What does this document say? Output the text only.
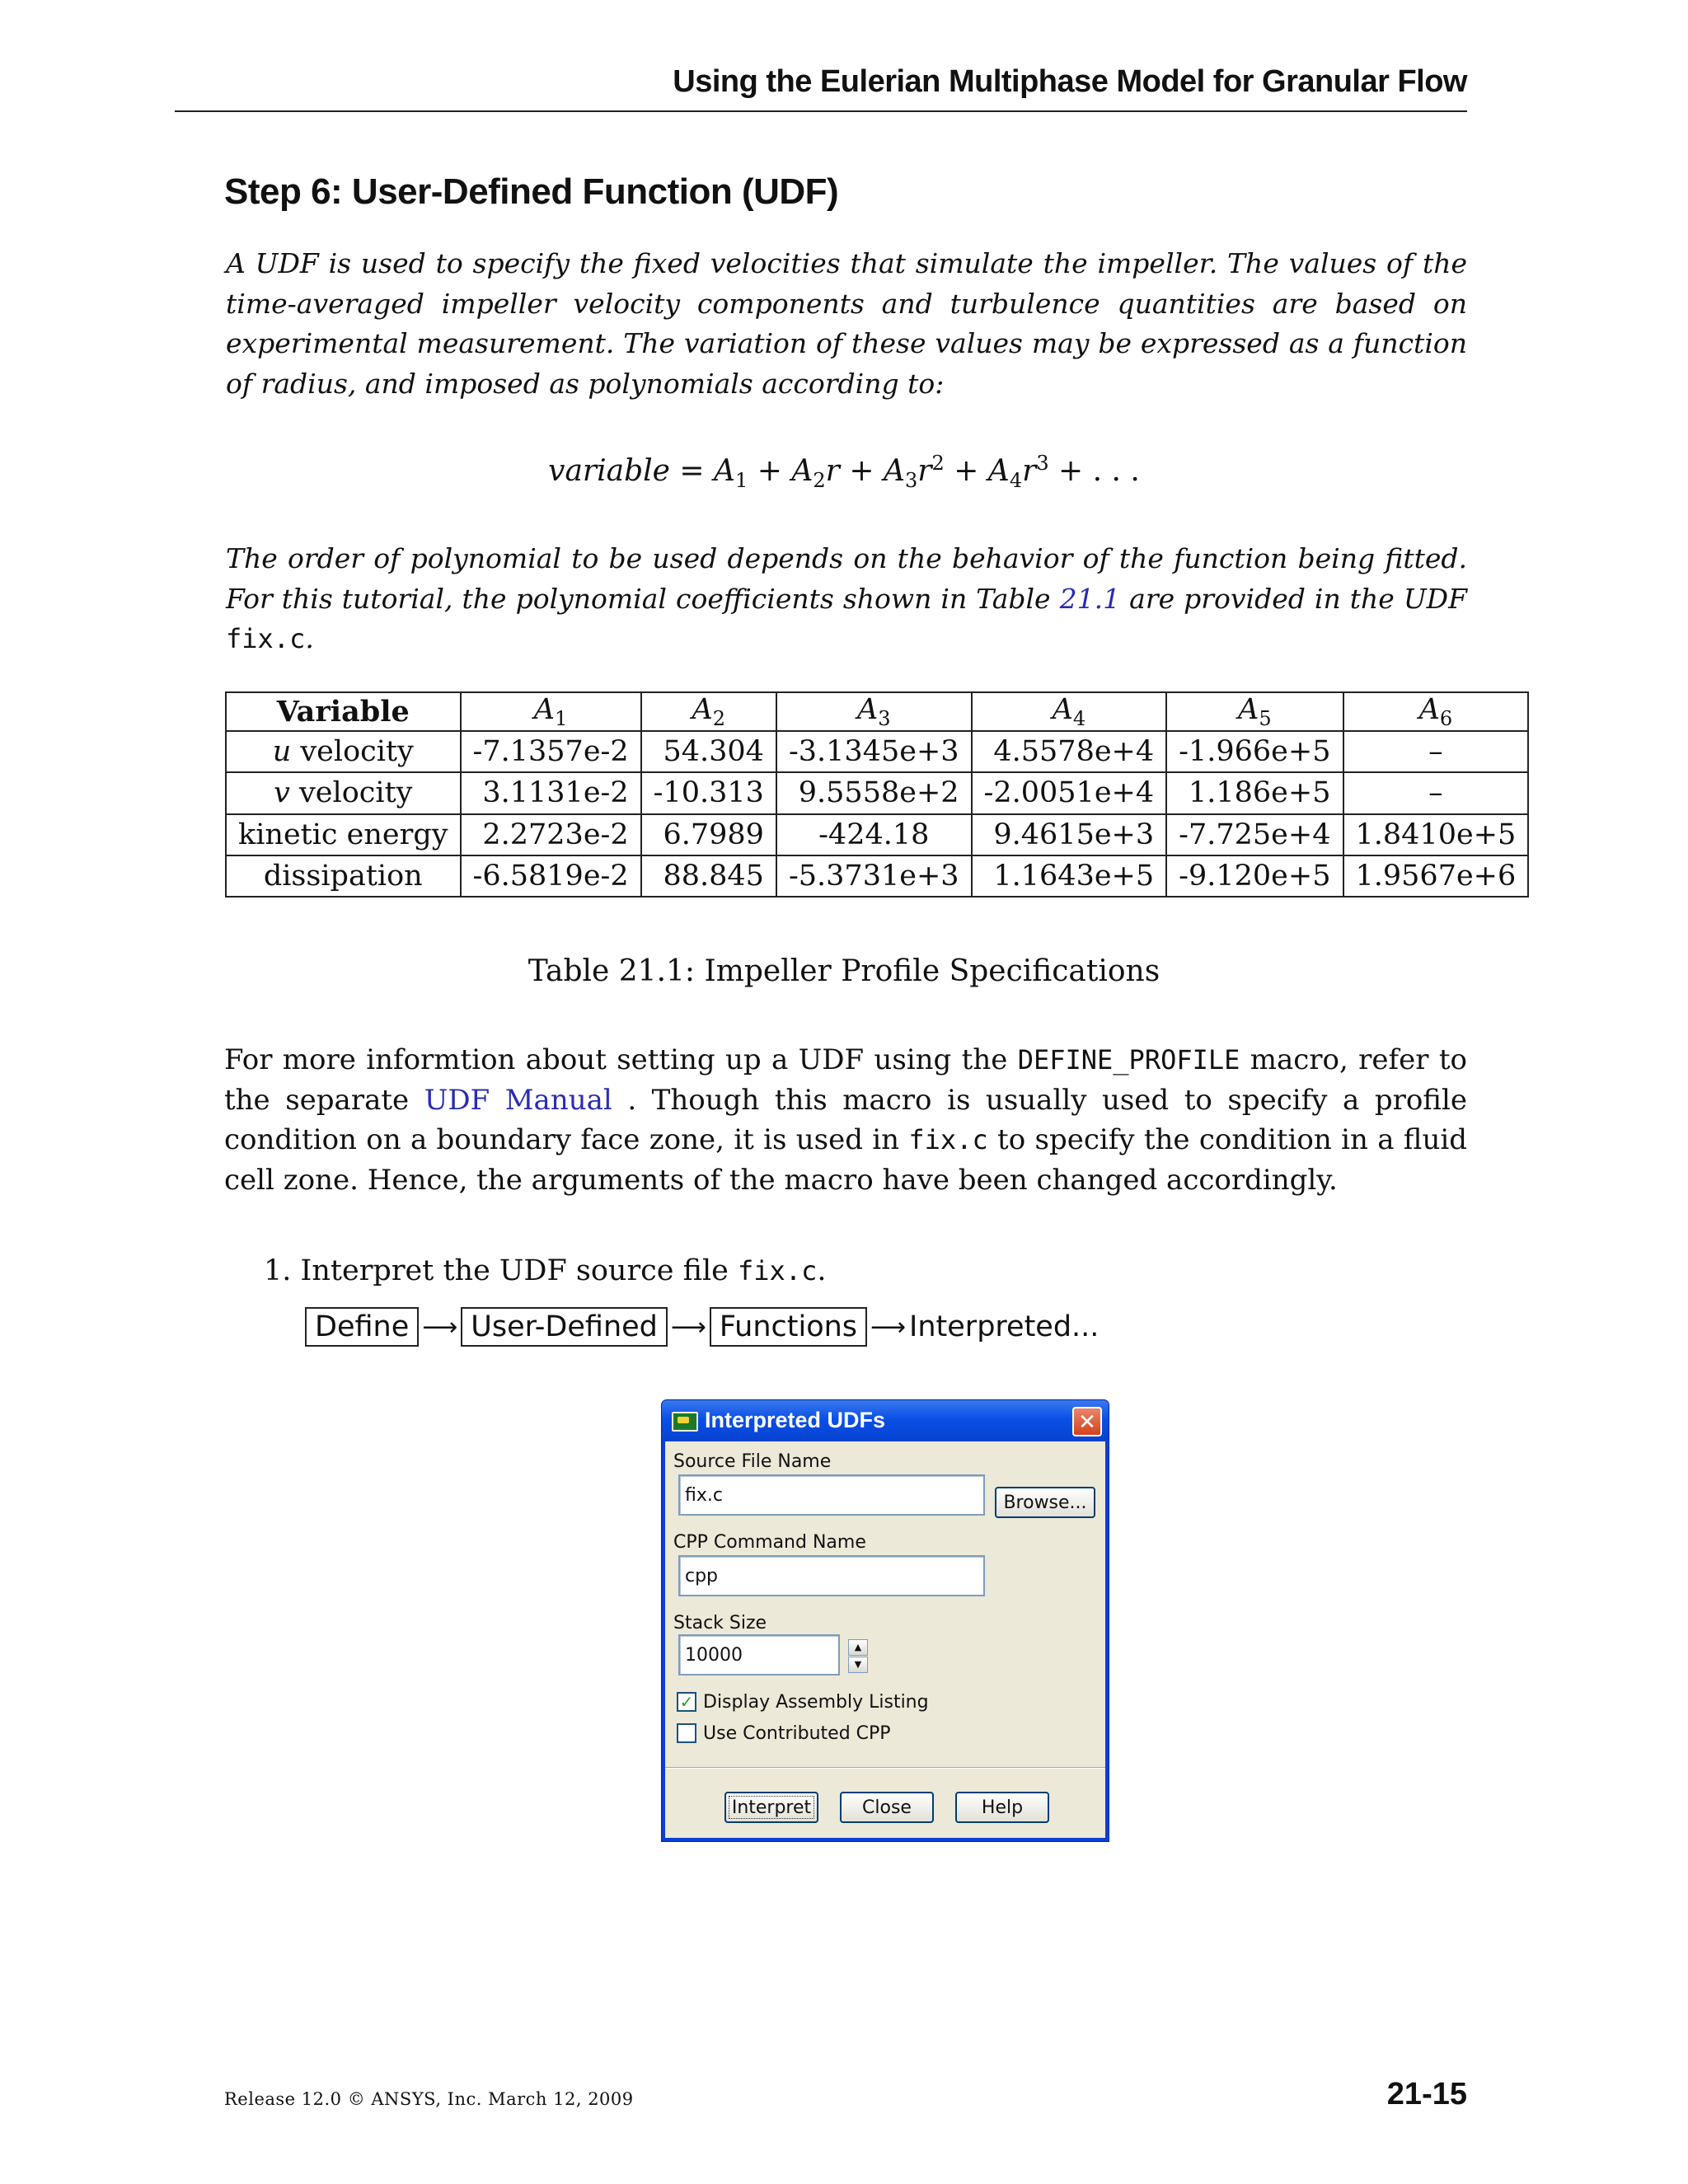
Using the Eulerian Multiphase Model for Granular Flow
Step 6: User-Defined Function (UDF)
A UDF is used to specify the fixed velocities that simulate the impeller. The values of the time-averaged impeller velocity components and turbulence quantities are based on experimental measurement. The variation of these values may be expressed as a function of radius, and imposed as polynomials according to:
variable = $A_1 + A_2r + A_3r^2 + A_4r^3$ + . . .
The order of polynomial to be used depends on the behavior of the function being fitted. For this tutorial, the polynomial coefficients shown in Table 21.1 are provided in the UDF fix.c.
Variable	$A_1$	$A_2$	$A_3$	$A_4$	$A_5$	$A_6$
u velocity	-7.1357e-2	54.304	-3.1345e+3	4.5578e+4	-1.966e+5	–
v velocity	3.1131e-2	-10.313	9.5558e+2	-2.0051e+4	1.186e+5	–
kinetic energy	2.2723e-2	6.7989	-424.18	9.4615e+3	-7.725e+4	1.8410e+5
dissipation	-6.5819e-2	88.845	-5.3731e+3	1.1643e+5	-9.120e+5	1.9567e+6
Table 21.1: Impeller Profile Specifications
For more informtion about setting up a UDF using the DEFINE_PROFILE macro, refer to the separate UDF Manual . Though this macro is usually used to specify a profile condition on a boundary face zone, it is used in fix.c to specify the condition in a fluid cell zone. Hence, the arguments of the macro have been changed accordingly.
1. Interpret the UDF source file fix.c.
Define ⟶ User-Defined ⟶ Functions ⟶ Interpreted...
Interpreted UDFs	✕
Source File Name
fix.c
Browse...
CPP Command Name
cpp
Stack Size
10000
▲
▼
✓ Display Assembly Listing
Use Contributed CPP
Interpret	Close	Help
Release 12.0 © ANSYS, Inc. March 12, 2009	21-15
